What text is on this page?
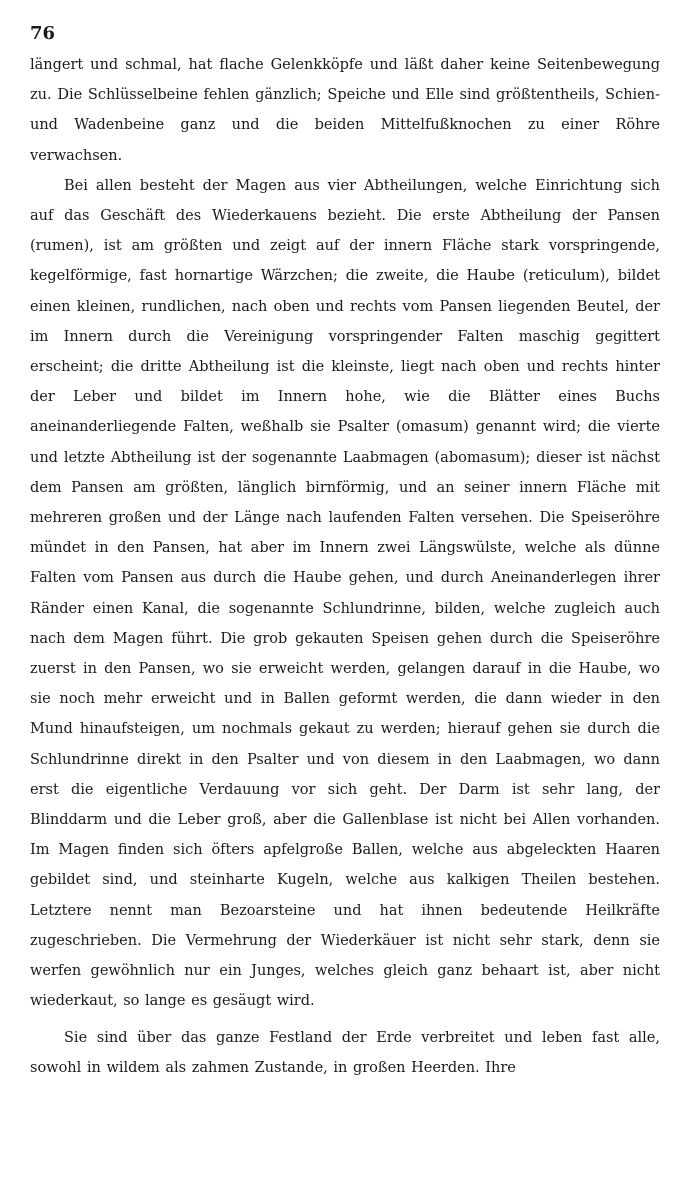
76

längert und schmal, hat flache Gelenkköpfe und läßt daher keine Seitenbewegung zu. Die Schlüsselbeine fehlen gänzlich; Speiche und Elle sind größtentheils, Schien- und Wadenbeine ganz und die beiden Mittelfußknochen zu einer Röhre verwachsen.

Bei allen besteht der Magen aus vier Abtheilungen, welche Einrichtung sich auf das Geschäft des Wiederkauens bezieht. Die erste Abtheilung der Pansen (rumen), ist am größten und zeigt auf der innern Fläche stark vorspringende, kegelförmige, fast hornartige Wärzchen; die zweite, die Haube (reticulum), bildet einen kleinen, rundlichen, nach oben und rechts vom Pansen liegenden Beutel, der im Innern durch die Vereinigung vorspringender Falten maschig gegittert erscheint; die dritte Abtheilung ist die kleinste, liegt nach oben und rechts hinter der Leber und bildet im Innern hohe, wie die Blätter eines Buchs aneinanderliegende Falten, weßhalb sie Psalter (omasum) genannt wird; die vierte und letzte Abtheilung ist der sogenannte Laabmagen (abomasum); dieser ist nächst dem Pansen am größten, länglich birnförmig, und an seiner innern Fläche mit mehreren großen und der Länge nach laufenden Falten versehen. Die Speiseröhre mündet in den Pansen, hat aber im Innern zwei Längswülste, welche als dünne Falten vom Pansen aus durch die Haube gehen, und durch Aneinanderlegen ihrer Ränder einen Kanal, die sogenannte Schlundrinne, bilden, welche zugleich auch nach dem Magen führt. Die grob gekauten Speisen gehen durch die Speiseröhre zuerst in den Pansen, wo sie erweicht werden, gelangen darauf in die Haube, wo sie noch mehr erweicht und in Ballen geformt werden, die dann wieder in den Mund hinaufsteigen, um nochmals gekaut zu werden; hierauf gehen sie durch die Schlundrinne direkt in den Psalter und von diesem in den Laabmagen, wo dann erst die eigentliche Verdauung vor sich geht. Der Darm ist sehr lang, der Blinddarm und die Leber groß, aber die Gallenblase ist nicht bei Allen vorhanden. Im Magen finden sich öfters apfelgroße Ballen, welche aus abgeleckten Haaren gebildet sind, und steinharte Kugeln, welche aus kalkigen Theilen bestehen. Letztere nennt man Bezoarsteine und hat ihnen bedeutende Heilkräfte zugeschrieben. Die Vermehrung der Wiederkäuer ist nicht sehr stark, denn sie werfen gewöhnlich nur ein Junges, welches gleich ganz behaart ist, aber nicht wiederkaut, so lange es gesäugt wird.

Sie sind über das ganze Festland der Erde verbreitet und leben fast alle, sowohl in wildem als zahmen Zustande, in großen Heerden. Ihre
